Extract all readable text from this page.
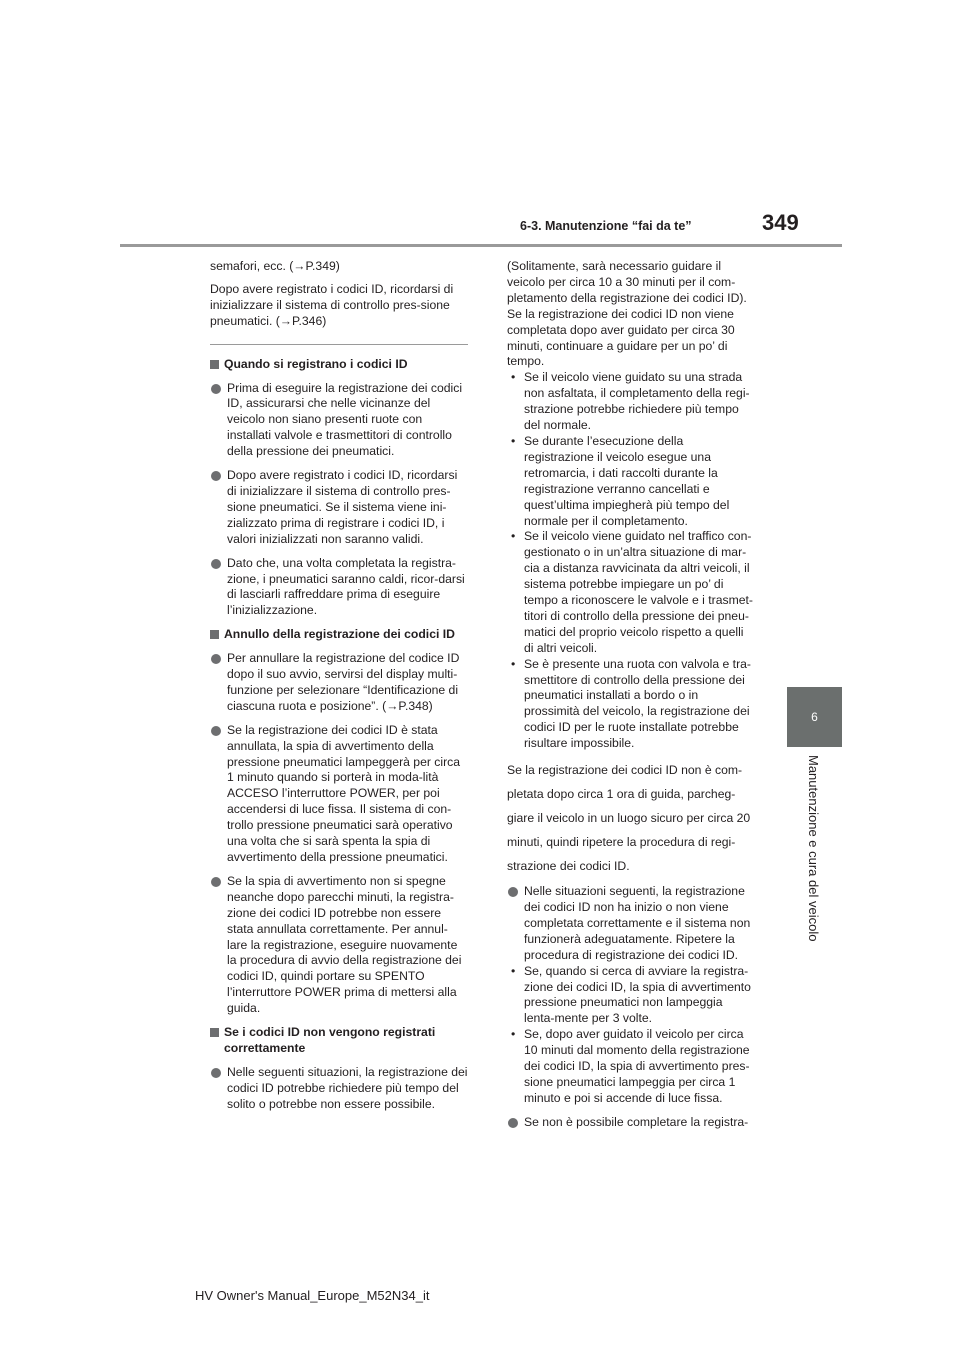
6-3. Manutenzione “fai da te”	349
6
Manutenzione e cura del veicolo

semafori, ecc. (→P.349)

Dopo avere registrato i codici ID, ricordarsi di inizializzare il sistema di controllo pres-sione pneumatici. (→P.346)

Quando si registrano i codici ID
Prima di eseguire la registrazione dei codici ID, assicurarsi che nelle vicinanze del veicolo non siano presenti ruote con installati valvole e trasmettitori di controllo della pressione dei pneumatici.
Dopo avere registrato i codici ID, ricordarsi di inizializzare il sistema di controllo pres-sione pneumatici. Se il sistema viene ini-zializzato prima di registrare i codici ID, i valori inizializzati non saranno validi.
Dato che, una volta completata la registra-zione, i pneumatici saranno caldi, ricor-darsi di lasciarli raffreddare prima di eseguire l’inizializzazione.
Annullo della registrazione dei codici ID
Per annullare la registrazione del codice ID dopo il suo avvio, servirsi del display multi-funzione per selezionare “Identificazione di ciascuna ruota e posizione”. (→P.348)
Se la registrazione dei codici ID è stata annullata, la spia di avvertimento della pressione pneumatici lampeggerà per circa 1 minuto quando si porterà in moda-lità ACCESO l’interruttore POWER, per poi accendersi di luce fissa. Il sistema di con-trollo pressione pneumatici sarà operativo una volta che si sarà spenta la spia di avvertimento della pressione pneumatici.
Se la spia di avvertimento non si spegne neanche dopo parecchi minuti, la registra-zione dei codici ID potrebbe non essere stata annullata correttamente. Per annul-lare la registrazione, eseguire nuovamente la procedura di avvio della registrazione dei codici ID, quindi portare su SPENTO l’interruttore POWER prima di mettersi alla guida.
Se i codici ID non vengono registrati correttamente
Nelle seguenti situazioni, la registrazione dei codici ID potrebbe richiedere più tempo del solito o potrebbe non essere possibile.

(Solitamente, sarà necessario guidare il veicolo per circa 10 a 30 minuti per il com-pletamento della registrazione dei codici ID).

Se la registrazione dei codici ID non viene completata dopo aver guidato per circa 30 minuti, continuare a guidare per un po’ di tempo.

• Se il veicolo viene guidato su una strada non asfaltata, il completamento della regi-strazione potrebbe richiedere più tempo del normale.
• Se durante l’esecuzione della registrazione il veicolo esegue una retromarcia, i dati raccolti durante la registrazione verranno cancellati e quest’ultima impiegherà più tempo del normale per il completamento.
• Se il veicolo viene guidato nel traffico con-gestionato o in un’altra situazione di mar-cia a distanza ravvicinata da altri veicoli, il sistema potrebbe impiegare un po’ di tempo a riconoscere le valvole e i trasmet-titori di controllo della pressione dei pneu-matici del proprio veicolo rispetto a quelli di altri veicoli.
• Se è presente una ruota con valvola e tra-smettitore di controllo della pressione dei pneumatici installati a bordo o in prossimità del veicolo, la registrazione dei codici ID per le ruote installate potrebbe risultare impossibile.

Se la registrazione dei codici ID non è com-

pletata dopo circa 1 ora di guida, parcheg-

giare il veicolo in un luogo sicuro per circa 20

minuti, quindi ripetere la procedura di regi-

strazione dei codici ID.

Nelle situazioni seguenti, la registrazione dei codici ID non ha inizio o non viene completata correttamente e il sistema non funzionerà adeguatamente. Ripetere la procedura di registrazione dei codici ID.
• Se, quando si cerca di avviare la registra-zione dei codici ID, la spia di avvertimento pressione pneumatici non lampeggia lenta-mente per 3 volte.
• Se, dopo aver guidato il veicolo per circa 10 minuti dal momento della registrazione dei codici ID, la spia di avvertimento pres-sione pneumatici lampeggia per circa 1 minuto e poi si accende di luce fissa.
Se non è possibile completare la registra-
HV Owner's Manual_Europe_M52N34_it
